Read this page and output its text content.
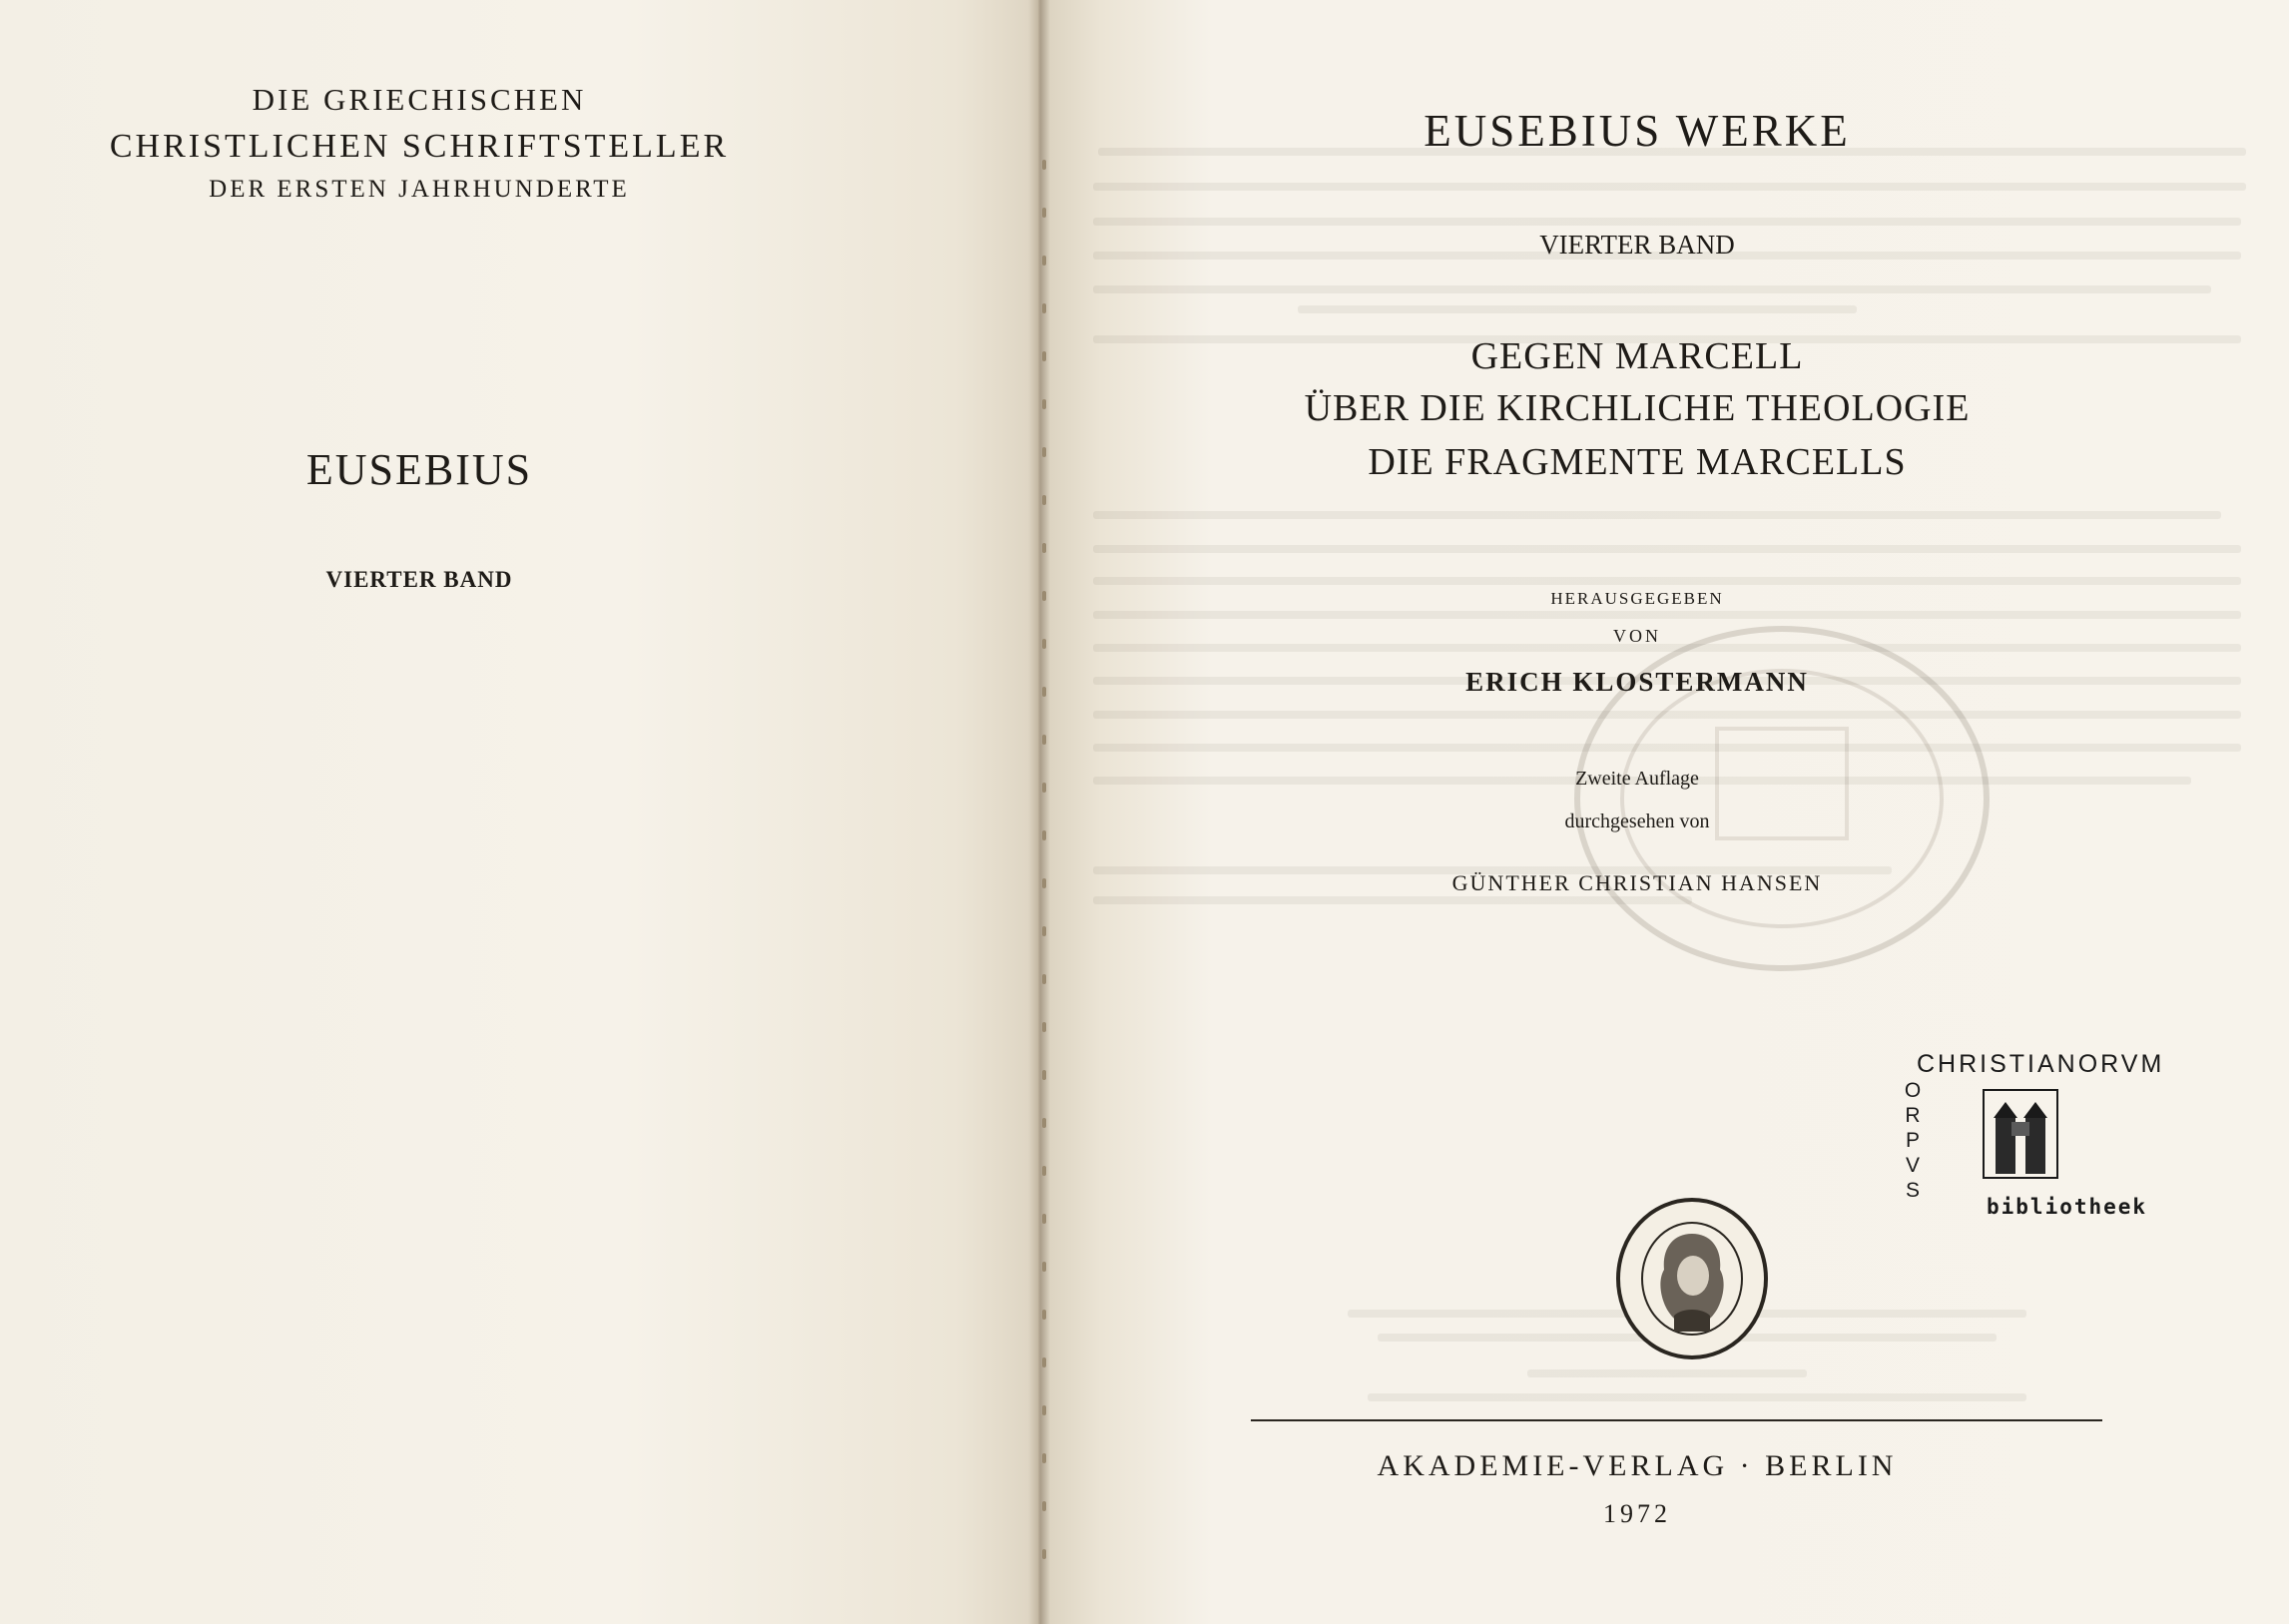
DIE GRIECHISCHEN
CHRISTLICHEN SCHRIFTSTELLER
DER ERSTEN JAHRHUNDERTE
EUSEBIUS
VIERTER BAND
EUSEBIUS WERKE
VIERTER BAND
GEGEN MARCELL
ÜBER DIE KIRCHLICHE THEOLOGIE
DIE FRAGMENTE MARCELLS
HERAUSGEGEBEN
VON
ERICH KLOSTERMANN
Zweite Auflage
durchgesehen von
GÜNTHER CHRISTIAN HANSEN
CHRISTIANORVM
O
R
P
V
S
bibliotheek
AKADEMIE-VERLAG · BERLIN
1972
